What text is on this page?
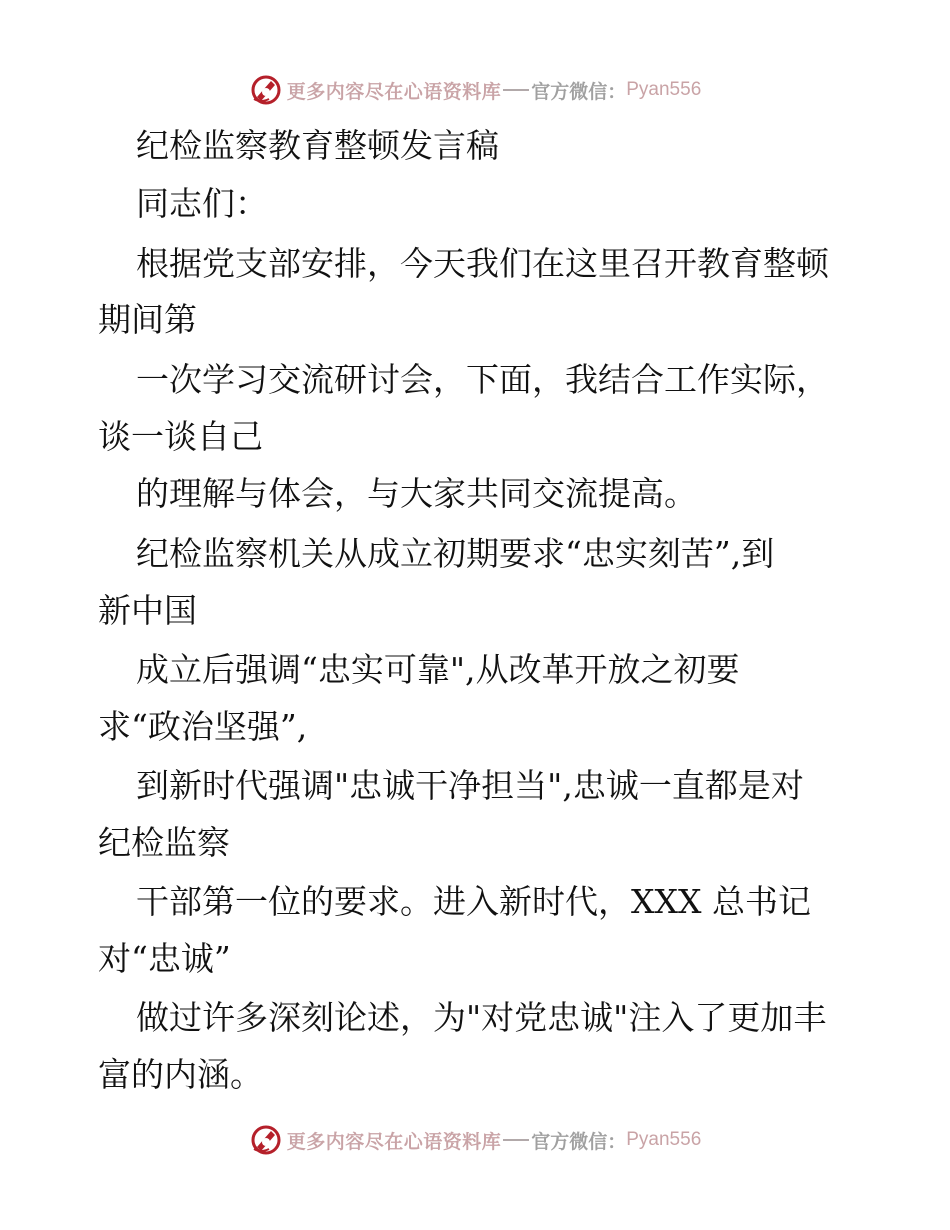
更多内容尽在心语资料库 官方微信： Pyan556
纪检监察教育整顿发言稿
同志们：
根据党支部安排，今天我们在这里召开教育整顿
期间第
一次学习交流研讨会，下面，我结合工作实际，
谈一谈自己
的理解与体会，与大家共同交流提高。
纪检监察机关从成立初期要求“忠实刻苦”,到
新中国
成立后强调“忠实可靠",从改革开放之初要
求“政治坚强”,
到新时代强调"忠诚干净担当",忠诚一直都是对
纪检监察
干部第一位的要求。进入新时代，XXX 总书记
对“忠诚”
做过许多深刻论述，为"对党忠诚"注入了更加丰
富的内涵。
更多内容尽在心语资料库 官方微信： Pyan556
